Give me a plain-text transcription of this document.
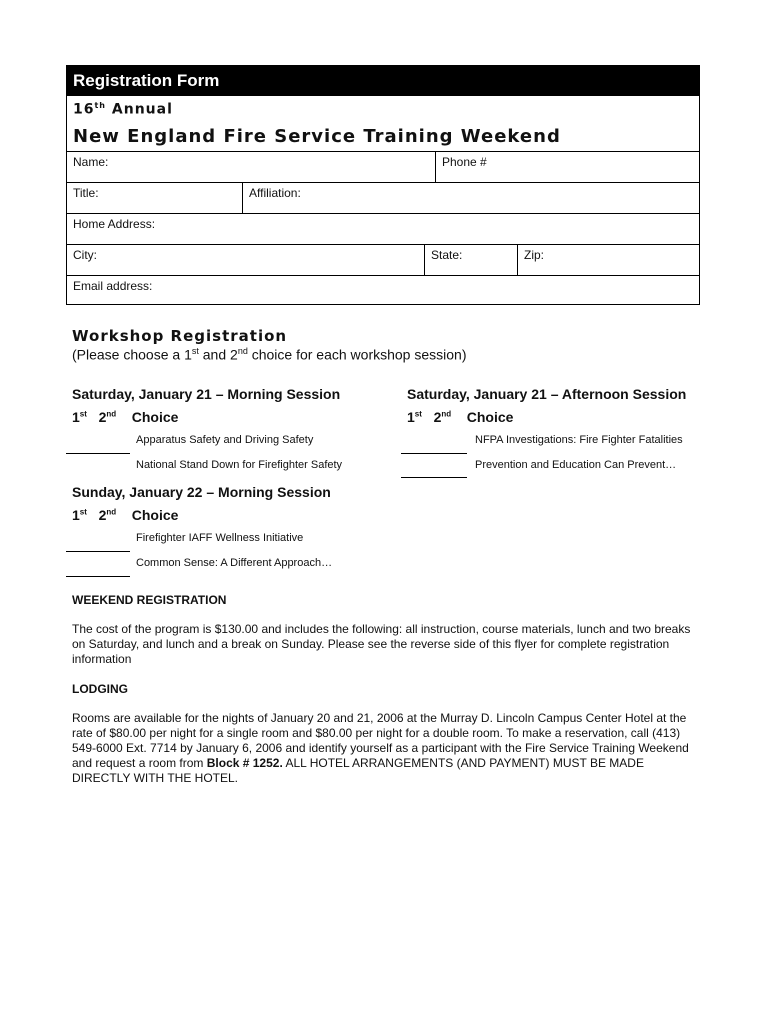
Registration Form
16th Annual
New England Fire Service Training Weekend
Name:	Phone #
Title:	Affiliation:
Home Address:
City:	State:	Zip:
Email address:
Workshop Registration
(Please choose a 1st and 2nd choice for each workshop session)
Saturday, January 21 – Morning Session
1st 2nd Choice
Apparatus Safety and Driving Safety
National Stand Down for Firefighter Safety
Saturday, January 21 – Afternoon Session
1st 2nd Choice
NFPA Investigations: Fire Fighter Fatalities
Prevention and Education Can Prevent…
Sunday, January 22 – Morning Session
1st 2nd Choice
Firefighter IAFF Wellness Initiative
Common Sense: A Different Approach…
WEEKEND REGISTRATION
The cost of the program is $130.00 and includes the following: all instruction, course materials, lunch and two breaks on Saturday, and lunch and a break on Sunday. Please see the reverse side of this flyer for complete registration information
LODGING
Rooms are available for the nights of January 20 and 21, 2006 at the Murray D. Lincoln Campus Center Hotel at the rate of $80.00 per night for a single room and $80.00 per night for a double room. To make a reservation, call (413) 549-6000 Ext. 7714 by January 6, 2006 and identify yourself as a participant with the Fire Service Training Weekend and request a room from Block # 1252. ALL HOTEL ARRANGEMENTS (AND PAYMENT) MUST BE MADE DIRECTLY WITH THE HOTEL.
